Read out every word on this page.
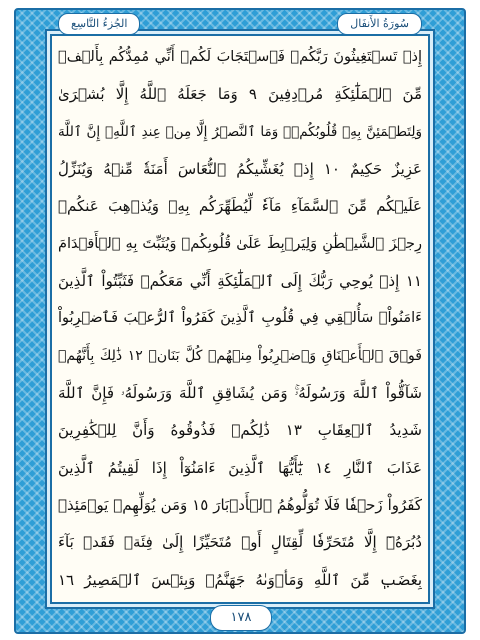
الجُزءُ التَّاسِع	سُورَةُ الأَنفَال
إِذۡ تَسۡتَغِيثُونَ رَبَّكُمۡ فَٱسۡتَجَابَ لَكُمۡ أَنِّي مُمِدُّكُم بِأَلۡفٖ
مِّنَ ٱلۡمَلَٰٓئِكَةِ مُرۡدِفِينَ ٩ وَمَا جَعَلَهُ ٱللَّهُ إِلَّا بُشۡرَىٰ
وَلِتَطۡمَئِنَّ بِهِۦ قُلُوبُكُمۡۚ وَمَا ٱلنَّصۡرُ إِلَّا مِنۡ عِندِ ٱللَّهِۚ إِنَّ ٱللَّهَ
عَزِيزٌ حَكِيمٌ ١٠ إِذۡ يُغَشِّيكُمُ ٱلنُّعَاسَ أَمَنَةٗ مِّنۡهُ وَيُنَزِّلُ
عَلَيۡكُم مِّنَ ٱلسَّمَآءِ مَآءٗ لِّيُطَهِّرَكُم بِهِۦ وَيُذۡهِبَ عَنكُمۡ
رِجۡزَ ٱلشَّيۡطَٰنِ وَلِيَرۡبِطَ عَلَىٰ قُلُوبِكُمۡ وَيُثَبِّتَ بِهِ ٱلۡأَقۡدَامَ
١١ إِذۡ يُوحِي رَبُّكَ إِلَى ٱلۡمَلَٰٓئِكَةِ أَنِّي مَعَكُمۡ فَثَبِّتُواْ ٱلَّذِينَ
ءَامَنُواْۚ سَأُلۡقِي فِي قُلُوبِ ٱلَّذِينَ كَفَرُواْ ٱلرُّعۡبَ فَٱضۡرِبُواْ
فَوۡقَ ٱلۡأَعۡنَاقِ وَٱضۡرِبُواْ مِنۡهُمۡ كُلَّ بَنَانٖ ١٢ ذَٰلِكَ بِأَنَّهُمۡ
شَآقُّواْ ٱللَّهَ وَرَسُولَهُۥۚ وَمَن يُشَاقِقِ ٱللَّهَ وَرَسُولَهُۥ فَإِنَّ ٱللَّهَ
شَدِيدُ ٱلۡعِقَابِ ١٣ ذَٰلِكُمۡ فَذُوقُوهُ وَأَنَّ لِلۡكَٰفِرِينَ
عَذَابَ ٱلنَّارِ ١٤ يَٰٓأَيُّهَا ٱلَّذِينَ ءَامَنُوٓاْ إِذَا لَقِيتُمُ ٱلَّذِينَ
كَفَرُواْ زَحۡفٗا فَلَا تُوَلُّوهُمُ ٱلۡأَدۡبَارَ ١٥ وَمَن يُوَلِّهِمۡ يَوۡمَئِذٖ
دُبُرَهُۥٓ إِلَّا مُتَحَرِّفٗا لِّقِتَالٍ أَوۡ مُتَحَيِّزًا إِلَىٰ فِئَةٖ فَقَدۡ بَآءَ
بِغَضَبٖ مِّنَ ٱللَّهِ وَمَأۡوَىٰهُ جَهَنَّمُۖ وَبِئۡسَ ٱلۡمَصِيرُ ١٦
١٧٨
